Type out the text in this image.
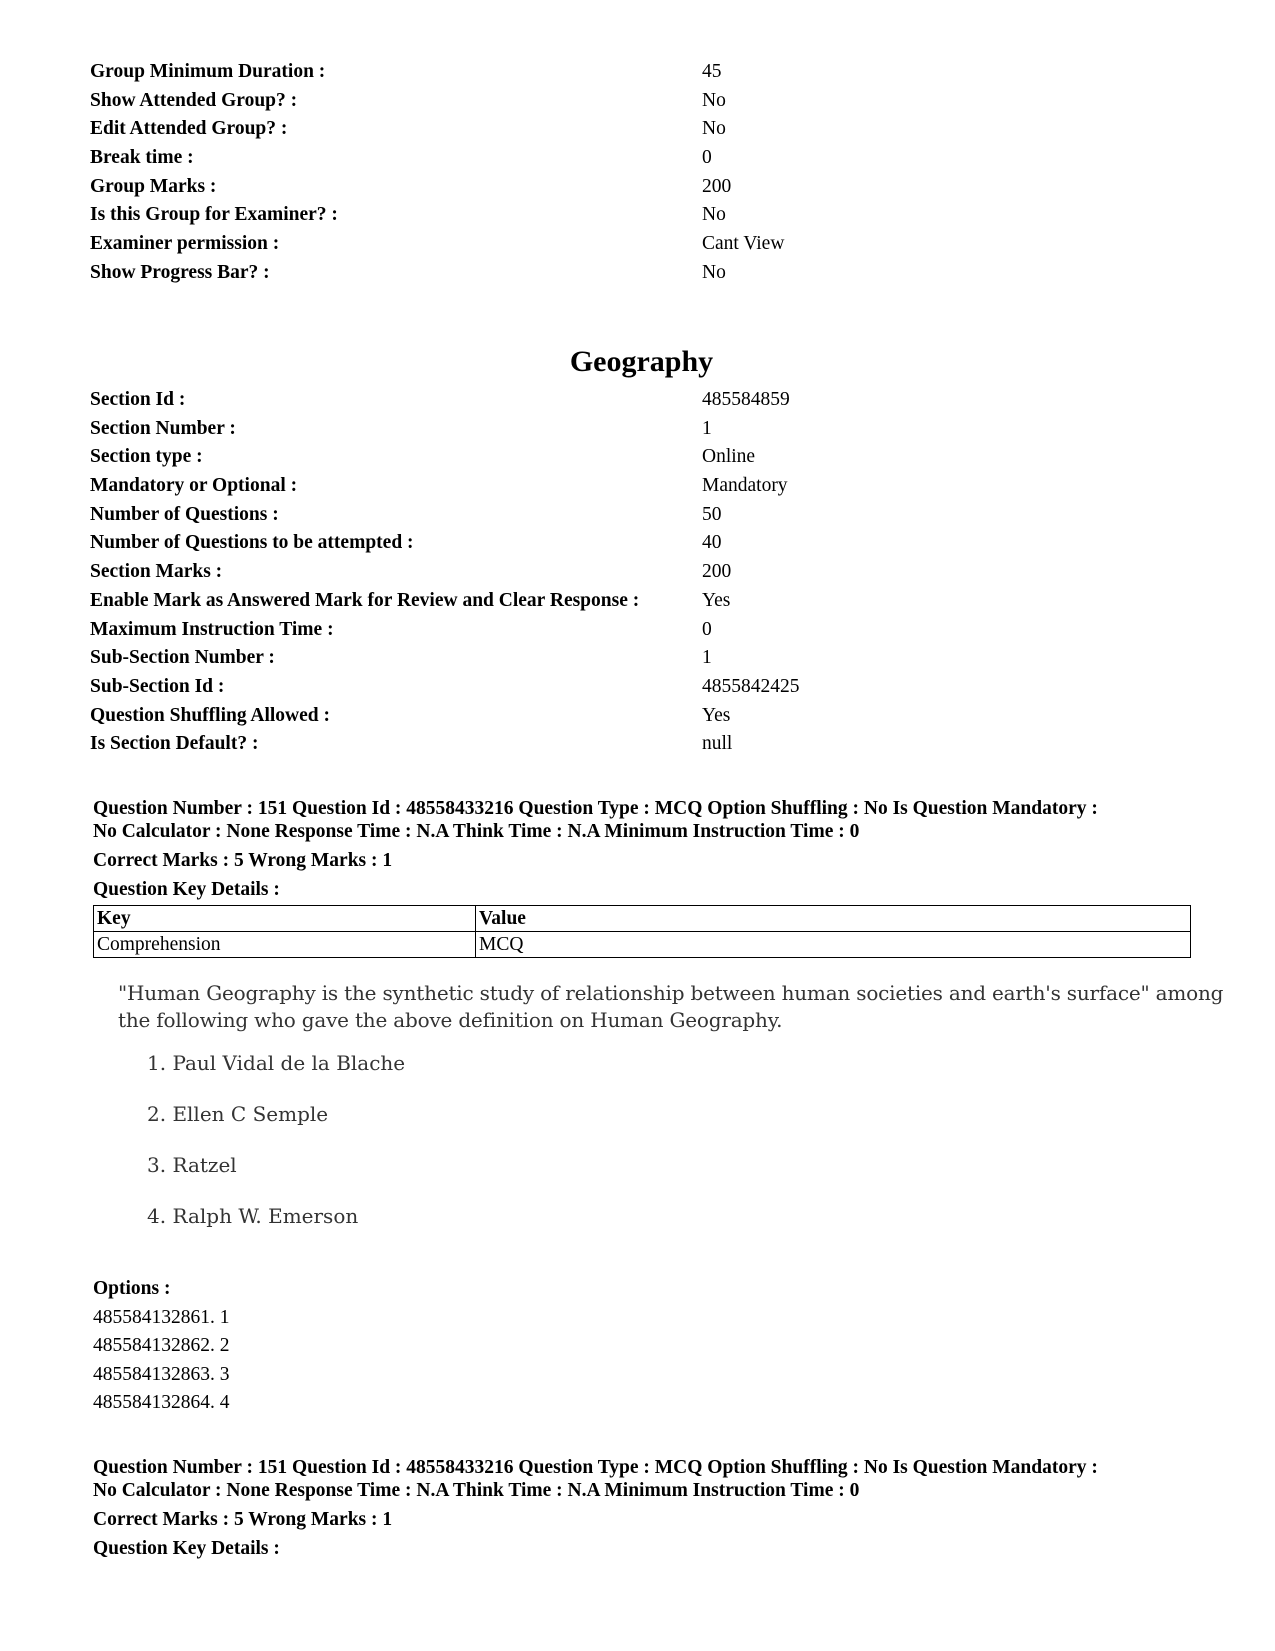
Group Minimum Duration :	45
Show Attended Group? :	No
Edit Attended Group? :	No
Break time :	0
Group Marks :	200
Is this Group for Examiner? :	No
Examiner permission :	Cant View
Show Progress Bar? :	No
Geography
Section Id :	485584859
Section Number :	1
Section type :	Online
Mandatory or Optional :	Mandatory
Number of Questions :	50
Number of Questions to be attempted :	40
Section Marks :	200
Enable Mark as Answered Mark for Review and Clear Response :	Yes
Maximum Instruction Time :	0
Sub-Section Number :	1
Sub-Section Id :	4855842425
Question Shuffling Allowed :	Yes
Is Section Default? :	null

Question Number : 151 Question Id : 48558433216 Question Type : MCQ Option Shuffling : No Is Question Mandatory :
No Calculator : None Response Time : N.A Think Time : N.A Minimum Instruction Time : 0

Correct Marks : 5 Wrong Marks : 1

Question Key Details :

Key	Value
Comprehension	MCQ

"Human Geography is the synthetic study of relationship between human societies and earth's surface" among
the following who gave the above definition on Human Geography.

1. Paul Vidal de la Blache

2. Ellen C Semple

3. Ratzel

4. Ralph W. Emerson

Options :

485584132861. 1

485584132862. 2

485584132863. 3

485584132864. 4

Question Number : 151 Question Id : 48558433216 Question Type : MCQ Option Shuffling : No Is Question Mandatory :
No Calculator : None Response Time : N.A Think Time : N.A Minimum Instruction Time : 0

Correct Marks : 5 Wrong Marks : 1

Question Key Details :
